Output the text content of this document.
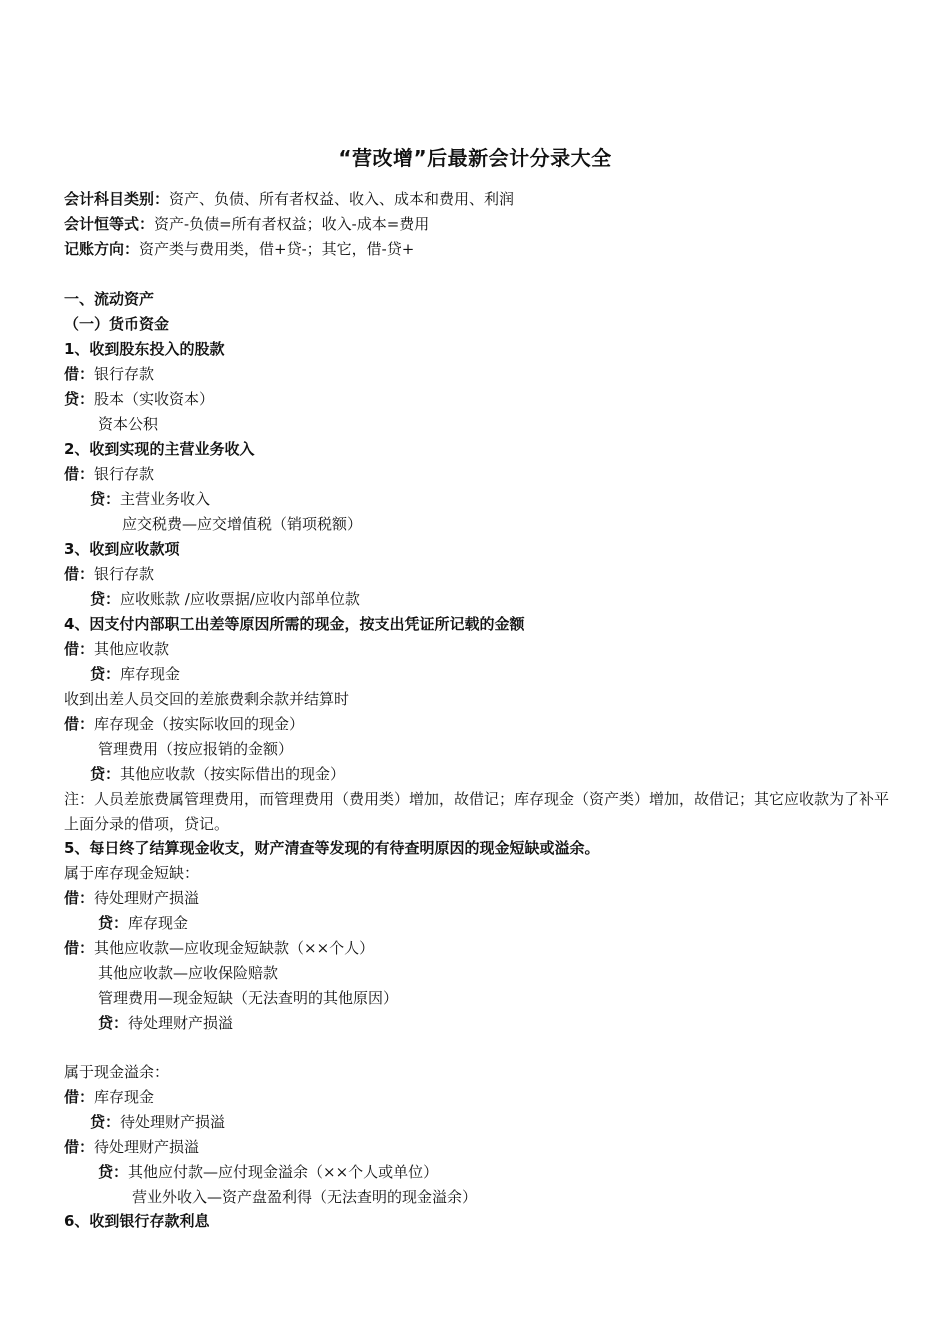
“营改增”后最新会计分录大全
会计科目类别：资产、负债、所有者权益、收入、成本和费用、利润
会计恒等式：资产-负债=所有者权益；收入-成本=费用
记账方向：资产类与费用类，借+贷-；其它，借-贷+
一、流动资产
（一）货币资金
1、收到股东投入的股款
借：银行存款
贷：股本（实收资本）
资本公积
2、收到实现的主营业务收入
借：银行存款
贷：主营业务收入
应交税费—应交增值税（销项税额）
3、收到应收款项
借：银行存款
贷：应收账款 /应收票据/应收内部单位款
4、因支付内部职工出差等原因所需的现金，按支出凭证所记载的金额
借：其他应收款
贷：库存现金
收到出差人员交回的差旅费剩余款并结算时
借：库存现金（按实际收回的现金）
管理费用（按应报销的金额）
贷：其他应收款（按实际借出的现金）
注：人员差旅费属管理费用，而管理费用（费用类）增加，故借记；库存现金（资产类）增加，故借记；其它应收款为了补平上面分录的借项，贷记。
5、每日终了结算现金收支，财产清查等发现的有待查明原因的现金短缺或溢余。
属于库存现金短缺：
借：待处理财产损溢
贷：库存现金
借：其他应收款—应收现金短缺款（××个人）
其他应收款—应收保险赔款
管理费用—现金短缺（无法查明的其他原因）
贷：待处理财产损溢
属于现金溢余：
借：库存现金
贷：待处理财产损溢
借：待处理财产损溢
贷：其他应付款—应付现金溢余（××个人或单位）
营业外收入—资产盘盈利得（无法查明的现金溢余）
6、收到银行存款利息
